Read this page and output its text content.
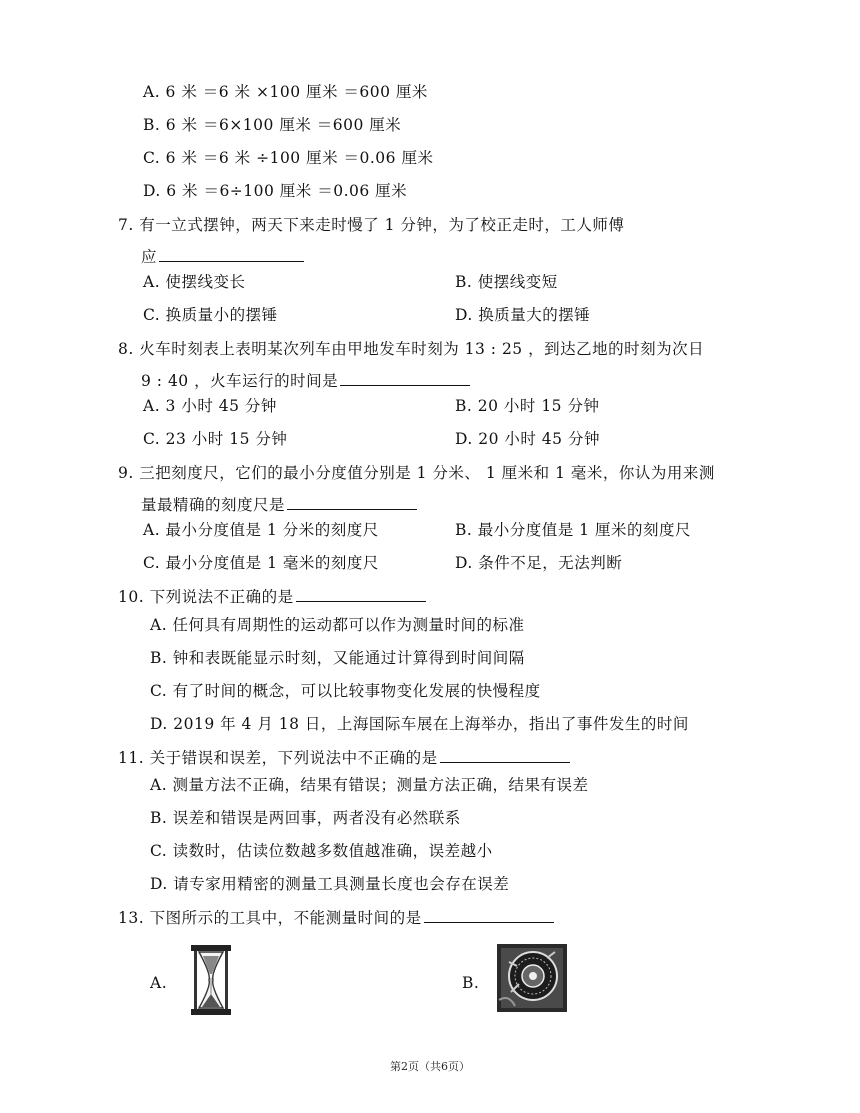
A. 6 米 ＝6 米 ×100 厘米 ＝600 厘米
B. 6 米 ＝6×100 厘米 ＝600 厘米
C. 6 米 ＝6 米 ÷100 厘米 ＝0.06 厘米
D. 6 米 ＝6÷100 厘米 ＝0.06 厘米
7. 有一立式摆钟，两天下来走时慢了 1 分钟，为了校正走时，工人师傅
应
A. 使摆线变长	B. 使摆线变短
C. 换质量小的摆锤	D. 换质量大的摆锤
8. 火车时刻表上表明某次列车由甲地发车时刻为 13 : 25 ，到达乙地的时刻为次日
9 : 40 ，火车运行的时间是
A. 3 小时 45 分钟	B. 20 小时 15 分钟
C. 23 小时 15 分钟	D. 20 小时 45 分钟
9. 三把刻度尺，它们的最小分度值分别是 1 分米、 1 厘米和 1 毫米，你认为用来测
量最精确的刻度尺是
A. 最小分度值是 1 分米的刻度尺	B. 最小分度值是 1 厘米的刻度尺
C. 最小分度值是 1 毫米的刻度尺	D. 条件不足，无法判断
10. 下列说法不正确的是
A. 任何具有周期性的运动都可以作为测量时间的标准
B. 钟和表既能显示时刻，又能通过计算得到时间间隔
C. 有了时间的概念，可以比较事物变化发展的快慢程度
D. 2019 年 4 月 18 日，上海国际车展在上海举办，指出了事件发生的时间
11. 关于错误和误差，下列说法中不正确的是
A. 测量方法不正确，结果有错误；测量方法正确，结果有误差
B. 误差和错误是两回事，两者没有必然联系
C. 读数时，估读位数越多数值越准确，误差越小
D. 请专家用精密的测量工具测量长度也会存在误差
13. 下图所示的工具中，不能测量时间的是
A.	B.
第2页（共6页）
